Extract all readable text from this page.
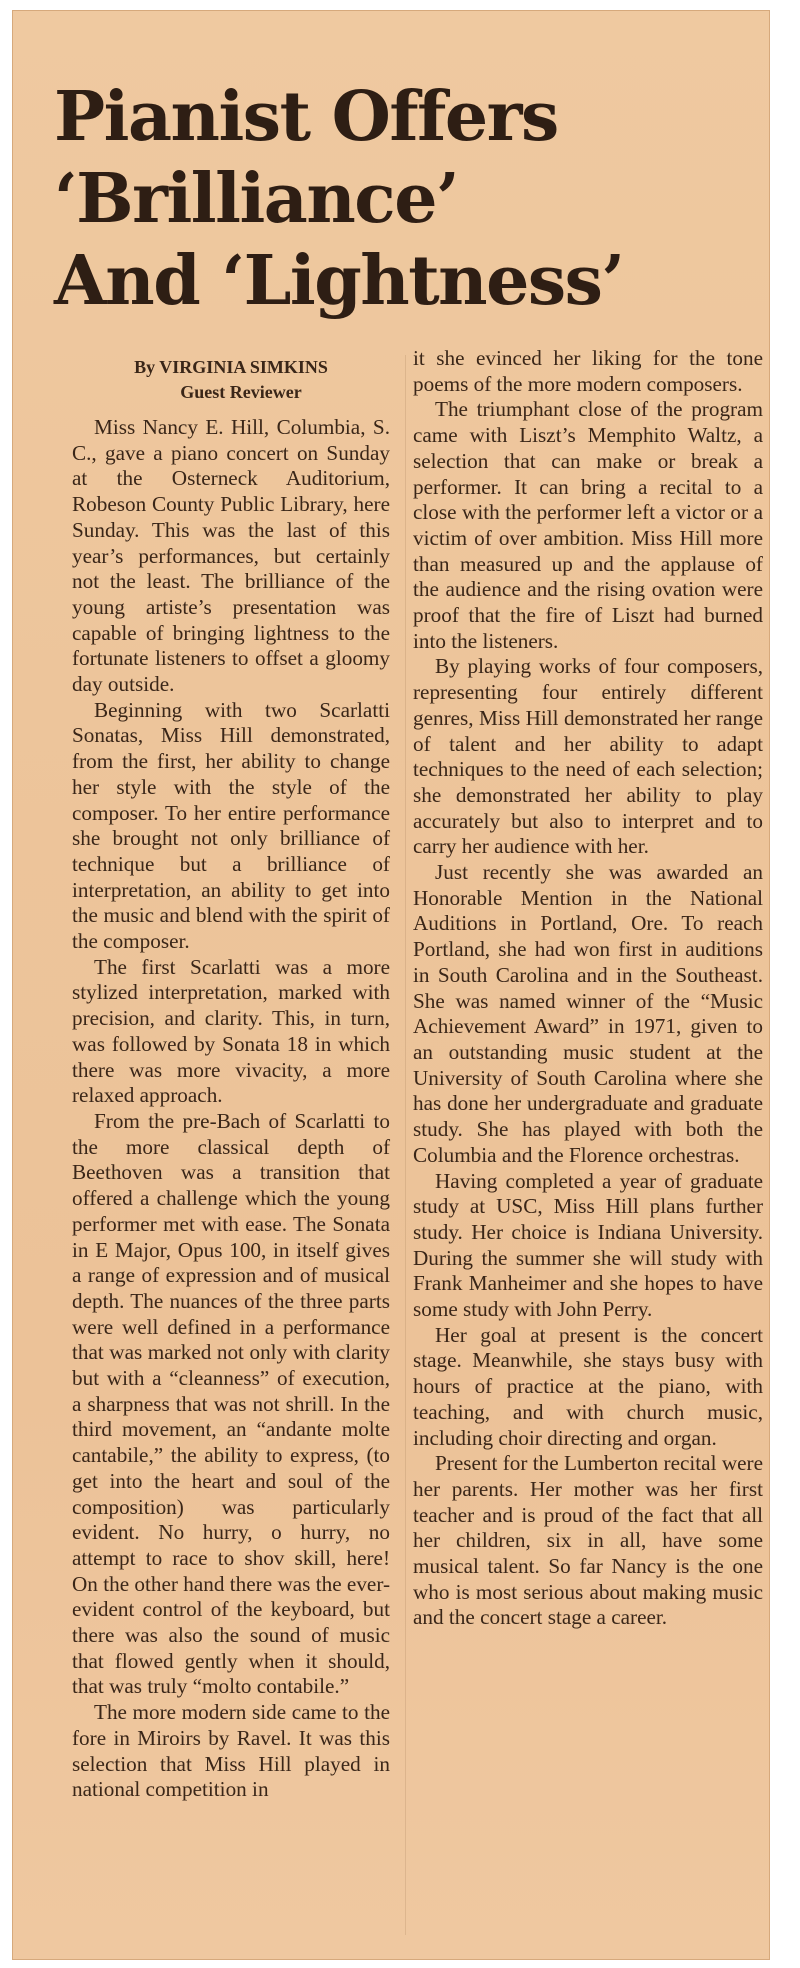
Pianist Offers
‘Brilliance’
And ‘Lightness’
By VIRGINIA SIMKINS
Guest Reviewer

Miss Nancy E. Hill, Columbia, S. C., gave a piano concert on Sunday at the Osterneck Auditorium, Robeson County Public Library, here Sunday. This was the last of this year’s performances, but certainly not the least. The brilliance of the young artiste’s presentation was capable of bringing lightness to the fortunate listeners to offset a gloomy day outside.

Beginning with two Scarlatti Sonatas, Miss Hill demonstrated, from the first, her ability to change her style with the style of the composer. To her entire performance she brought not only brilliance of technique but a brilliance of interpretation, an ability to get into the music and blend with the spirit of the composer.

The first Scarlatti was a more stylized interpretation, marked with precision, and clarity. This, in turn, was followed by Sonata 18 in which there was more vivacity, a more relaxed approach.

From the pre-Bach of Scarlatti to the more classical depth of Beethoven was a transition that offered a challenge which the young performer met with ease. The Sonata in E Major, Opus 100, in itself gives a range of expression and of musical depth. The nuances of the three parts were well defined in a performance that was marked not only with clarity but with a “cleanness” of execution, a sharpness that was not shrill. In the third movement, an “andante molte cantabile,” the ability to express, (to get into the heart and soul of the composition) was particularly evident. No hurry, o hurry, no attempt to race to shov skill, here! On the other hand there was the ever-evident control of the keyboard, but there was also the sound of music that flowed gently when it should, that was truly “molto contabile.”

The more modern side came to the fore in Miroirs by Ravel. It was this selection that Miss Hill played in national competition in

it she evinced her liking for the tone poems of the more modern composers.

The triumphant close of the program came with Liszt’s Memphito Waltz, a selection that can make or break a performer. It can bring a recital to a close with the performer left a victor or a victim of over ambition. Miss Hill more than measured up and the applause of the audience and the rising ovation were proof that the fire of Liszt had burned into the listeners.

By playing works of four composers, representing four entirely different genres, Miss Hill demonstrated her range of talent and her ability to adapt techniques to the need of each selection; she demonstrated her ability to play accurately but also to interpret and to carry her audience with her.

Just recently she was awarded an Honorable Mention in the National Auditions in Portland, Ore. To reach Portland, she had won first in auditions in South Carolina and in the Southeast. She was named winner of the “Music Achievement Award” in 1971, given to an outstanding music student at the University of South Carolina where she has done her undergraduate and graduate study. She has played with both the Columbia and the Florence orchestras.

Having completed a year of graduate study at USC, Miss Hill plans further study. Her choice is Indiana University. During the summer she will study with Frank Manheimer and she hopes to have some study with John Perry.

Her goal at present is the concert stage. Meanwhile, she stays busy with hours of practice at the piano, with teaching, and with church music, including choir directing and organ.

Present for the Lumberton recital were her parents. Her mother was her first teacher and is proud of the fact that all her children, six in all, have some musical talent. So far Nancy is the one who is most serious about making music and the concert stage a career.
